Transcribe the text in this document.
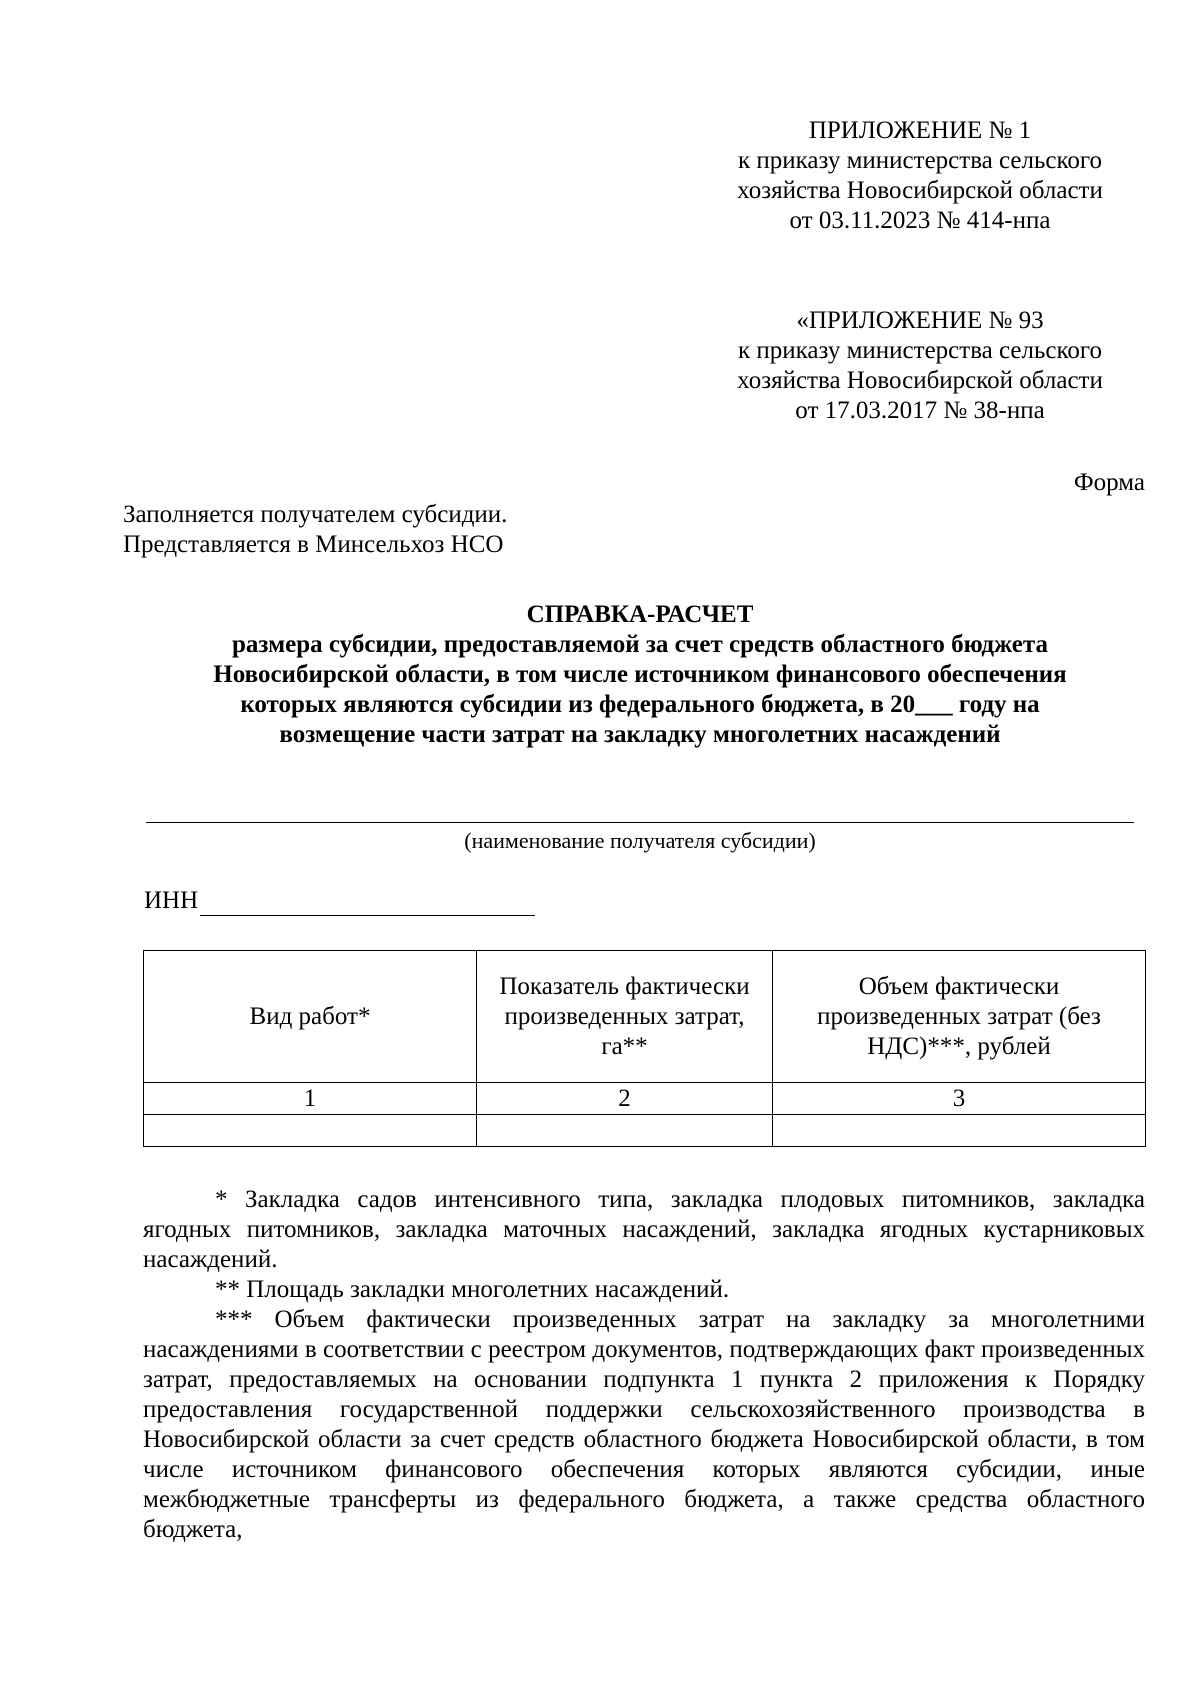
ПРИЛОЖЕНИЕ № 1
к приказу министерства сельского
хозяйства Новосибирской области
от 03.11.2023 № 414-нпа
«ПРИЛОЖЕНИЕ № 93
к приказу министерства сельского
хозяйства Новосибирской области
от 17.03.2017 № 38-нпа
Форма
Заполняется получателем субсидии.
Представляется в Минсельхоз НСО
СПРАВКА-РАСЧЕТ
размера субсидии, предоставляемой за счет средств областного бюджета
Новосибирской области, в том числе источником финансового обеспечения
которых являются субсидии из федерального бюджета, в 20___ году на
возмещение части затрат на закладку многолетних насаждений
(наименование получателя субсидии)
ИНН
Вид работ*	Показатель фактически произведенных затрат, га**	Объем фактически произведенных затрат (без НДС)***, рублей
1	2	3

* Закладка садов интенсивного типа, закладка плодовых питомников, закладка ягодных питомников, закладка маточных насаждений, закладка ягодных кустарниковых насаждений.

** Площадь закладки многолетних насаждений.

*** Объем фактически произведенных затрат на закладку за многолетними насаждениями в соответствии с реестром документов, подтверждающих факт произведенных затрат, предоставляемых на основании подпункта 1 пункта 2 приложения к Порядку предоставления государственной поддержки сельскохозяйственного производства в Новосибирской области за счет средств областного бюджета Новосибирской области, в том числе источником финансового обеспечения которых являются субсидии, иные межбюджетные трансферты из федерального бюджета, а также средства областного бюджета,
